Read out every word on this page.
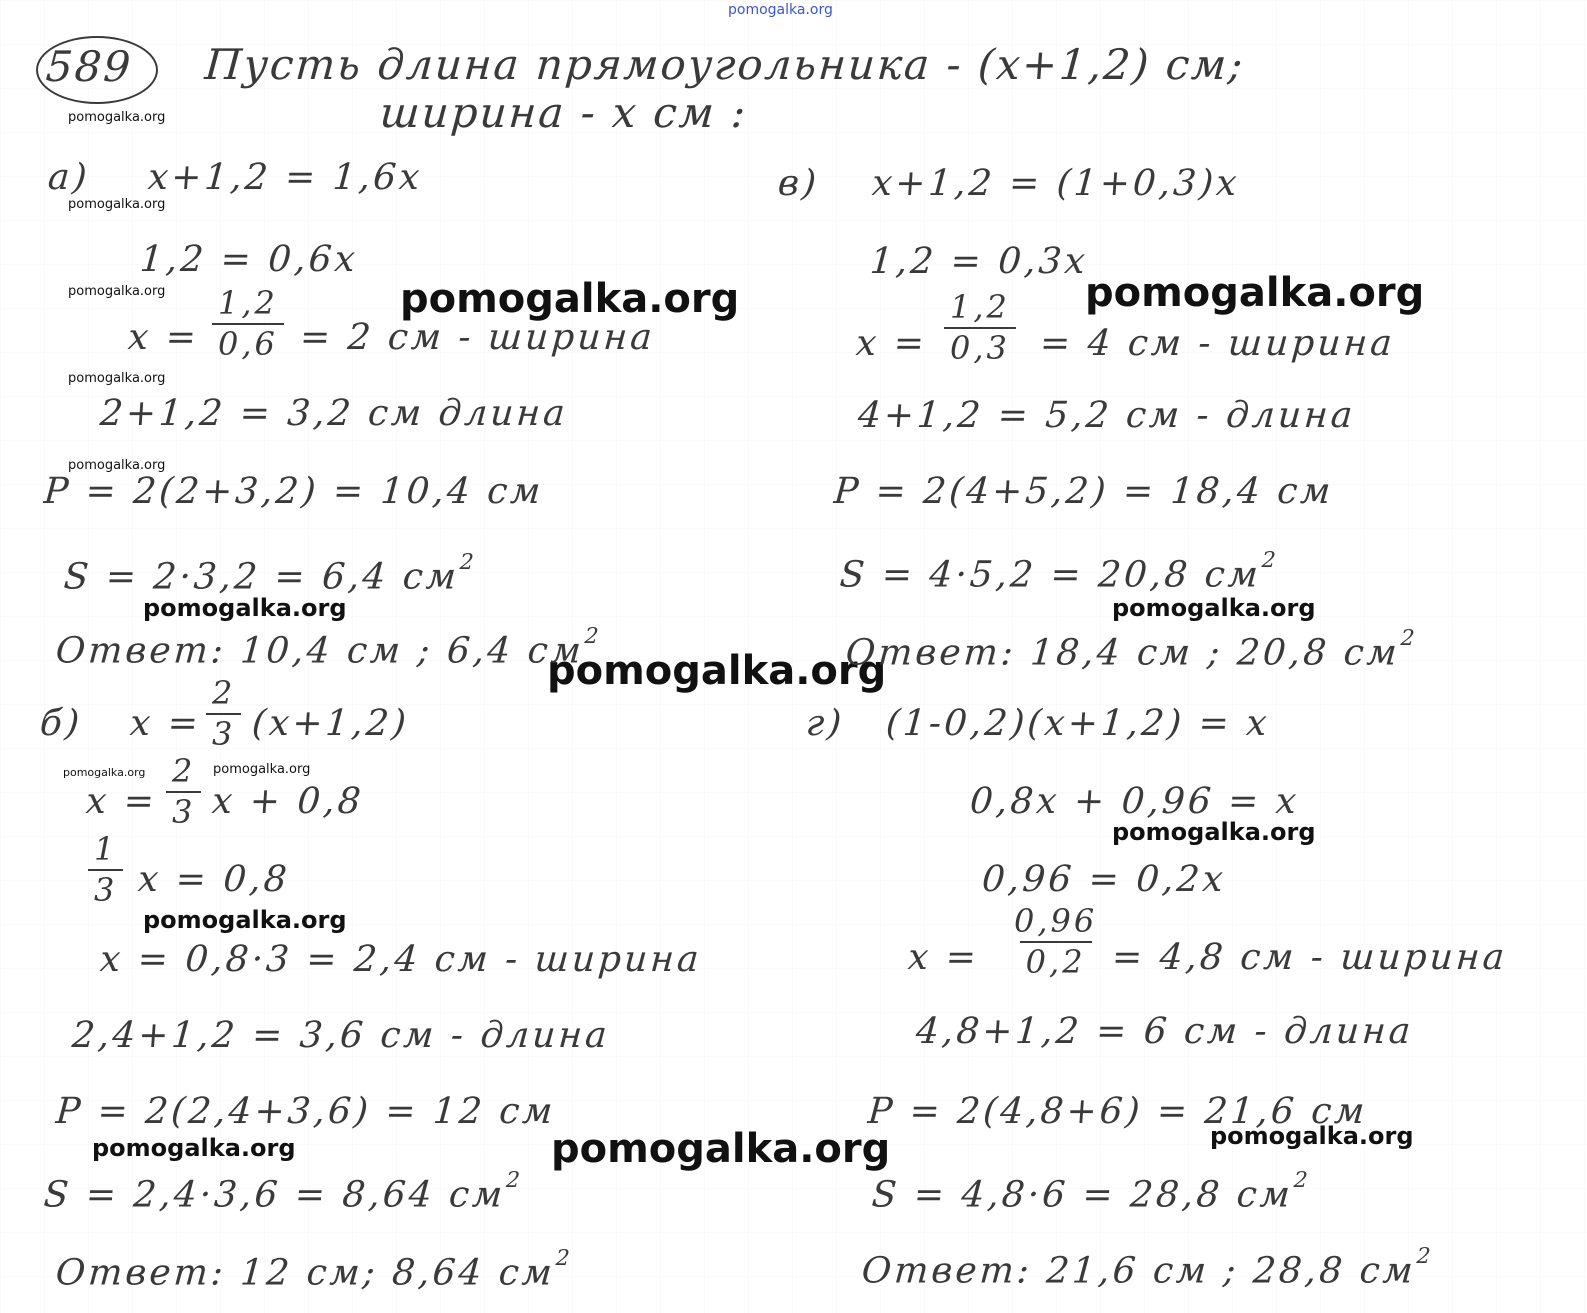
pomogalka.org
pomogalka.org
pomogalka.org
pomogalka.org
pomogalka.org
pomogalka.org
pomogalka.org	pomogalka.org
pomogalka.org	pomogalka.org
pomogalka.org
pomogalka.org	pomogalka.org
pomogalka.org
pomogalka.org
pomogalka.org	pomogalka.org	pomogalka.org
589 Пусть длина прямоугольника - (x+1,2) см;
ширина - x см :
а) x+1,2 = 1,6x
1,2 = 0,6x
$x = \frac{1,2}{0,6} = 2$ см - ширина
2+1,2 = 3,2 см длина
P = 2(2+3,2) = 10,4 см
S = 2·3,2 = 6,4 $см^2$
Ответ: 10,4 см ; 6,4 $см^2$
б) $x = \frac{2}{3} (x+1,2)$
$x = \frac{2}{3}$ x + 0,8
$\frac{1}{3}$ x = 0,8
x = 0,8·3 = 2,4 см - ширина
2,4+1,2 = 3,6 см - длина
P = 2(2,4+3,6) = 12 см
S = 2,4·3,6 = 8,64 $см^2$
Ответ: 12 см; 8,64 $см^2$
в) x+1,2 = (1+0,3)x
1,2 = 0,3x
$x = \frac{1,2}{0,3} = 4$ см - ширина
4+1,2 = 5,2 см - длина
P = 2(4+5,2) = 18,4 см
S = 4·5,2 = 20,8 $см^2$
Ответ: 18,4 см ; 20,8 $см^2$
г) (1-0,2)(x+1,2) = x
0,8x + 0,96 = x
0,96 = 0,2x
$x = \frac{0,96}{0,2} = 4,8$ см - ширина
4,8+1,2 = 6 см - длина
P = 2(4,8+6) = 21,6 см
S = 4,8·6 = 28,8 $см^2$
Ответ: 21,6 см ; 28,8 $см^2$
